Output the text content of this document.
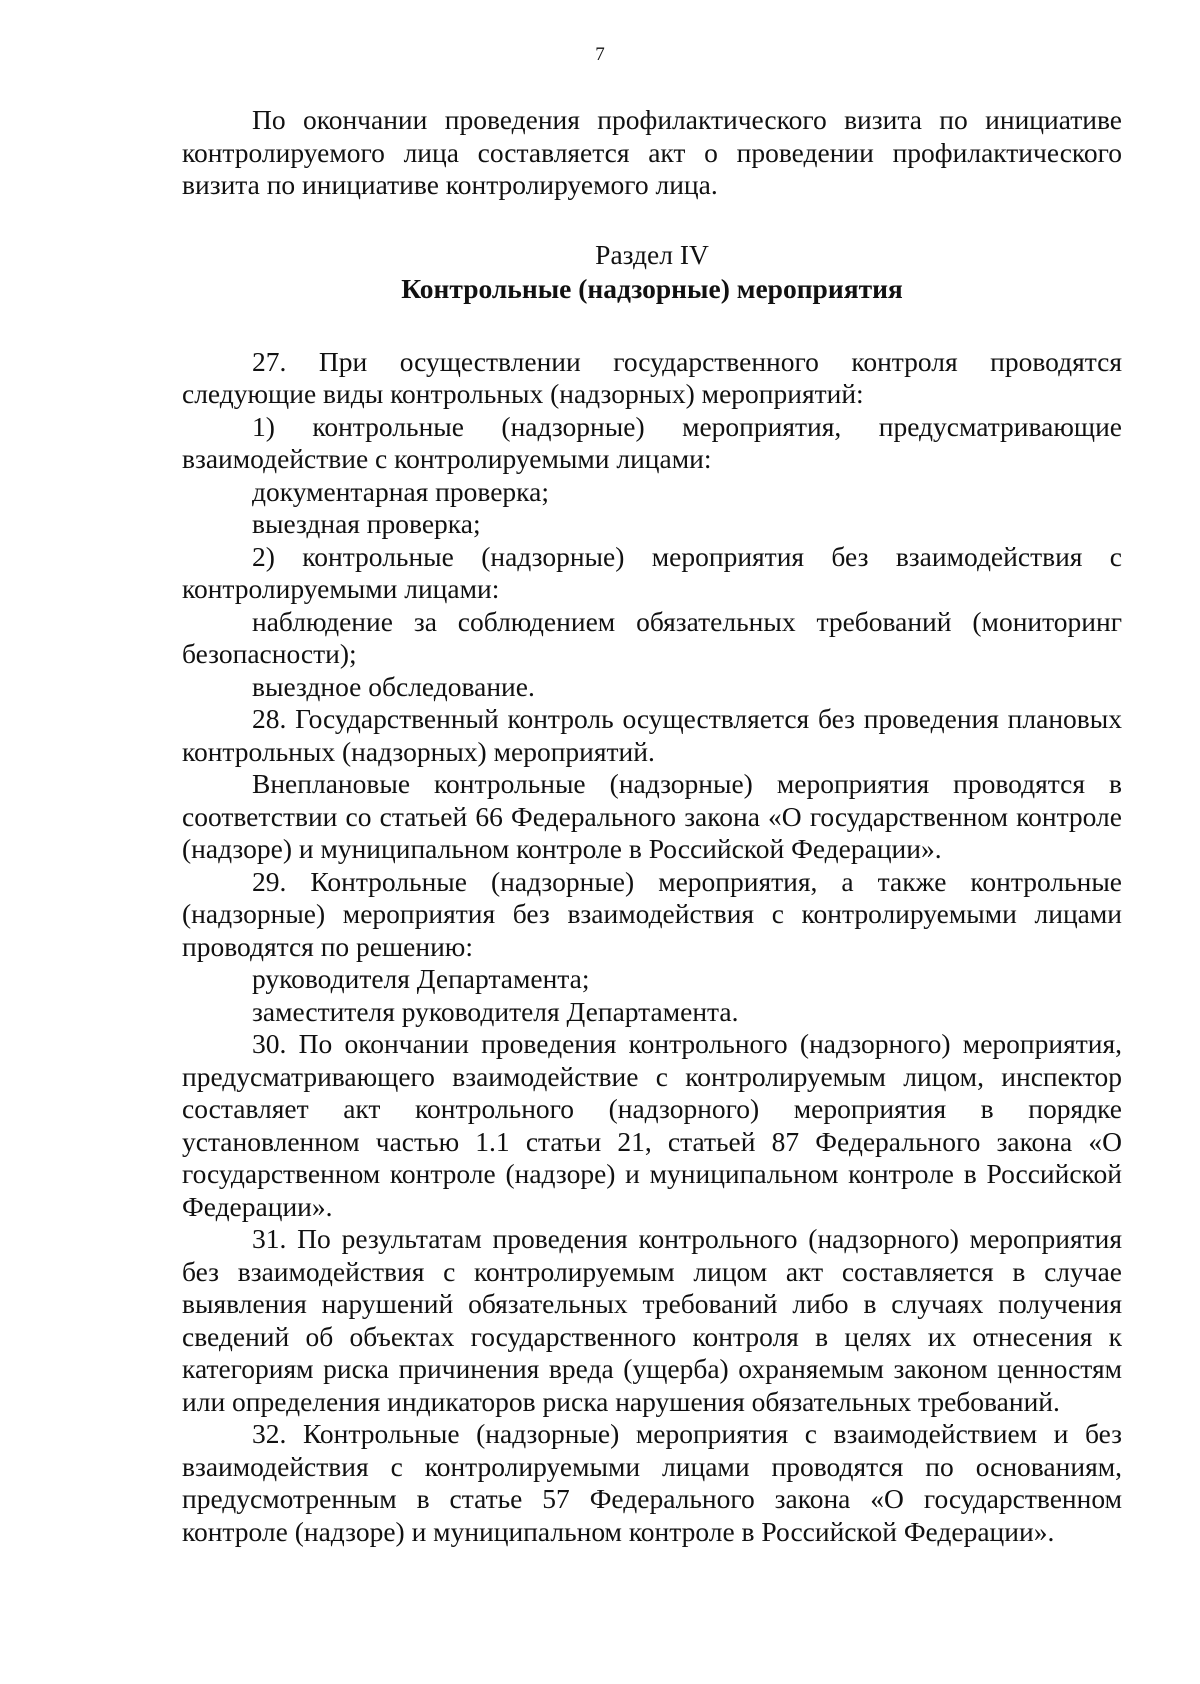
7

По окончании проведения профилактического визита по инициативе контролируемого лица составляется акт о проведении профилактического визита по инициативе контролируемого лица.

Раздел IV
Контрольные (надзорные) мероприятия

27. При осуществлении государственного контроля проводятся следующие виды контрольных (надзорных) мероприятий:

1) контрольные (надзорные) мероприятия, предусматривающие взаимодействие с контролируемыми лицами:

документарная проверка;

выездная проверка;

2) контрольные (надзорные) мероприятия без взаимодействия с контролируемыми лицами:

наблюдение за соблюдением обязательных требований (мониторинг безопасности);

выездное обследование.

28. Государственный контроль осуществляется без проведения плановых контрольных (надзорных) мероприятий.

Внеплановые контрольные (надзорные) мероприятия проводятся в соответствии со статьей 66 Федерального закона «О государственном контроле (надзоре) и муниципальном контроле в Российской Федерации».

29. Контрольные (надзорные) мероприятия, а также контрольные (надзорные) мероприятия без взаимодействия с контролируемыми лицами проводятся по решению:

руководителя Департамента;

заместителя руководителя Департамента.

30. По окончании проведения контрольного (надзорного) мероприятия, предусматривающего взаимодействие с контролируемым лицом, инспектор составляет акт контрольного (надзорного) мероприятия в порядке установленном частью 1.1 статьи 21, статьей 87 Федерального закона «О государственном контроле (надзоре) и муниципальном контроле в Российской Федерации».

31. По результатам проведения контрольного (надзорного) мероприятия без взаимодействия с контролируемым лицом акт составляется в случае выявления нарушений обязательных требований либо в случаях получения сведений об объектах государственного контроля в целях их отнесения к категориям риска причинения вреда (ущерба) охраняемым законом ценностям или определения индикаторов риска нарушения обязательных требований.

32. Контрольные (надзорные) мероприятия с взаимодействием и без взаимодействия с контролируемыми лицами проводятся по основаниям, предусмотренным в статье 57 Федерального закона «О государственном контроле (надзоре) и муниципальном контроле в Российской Федерации».
